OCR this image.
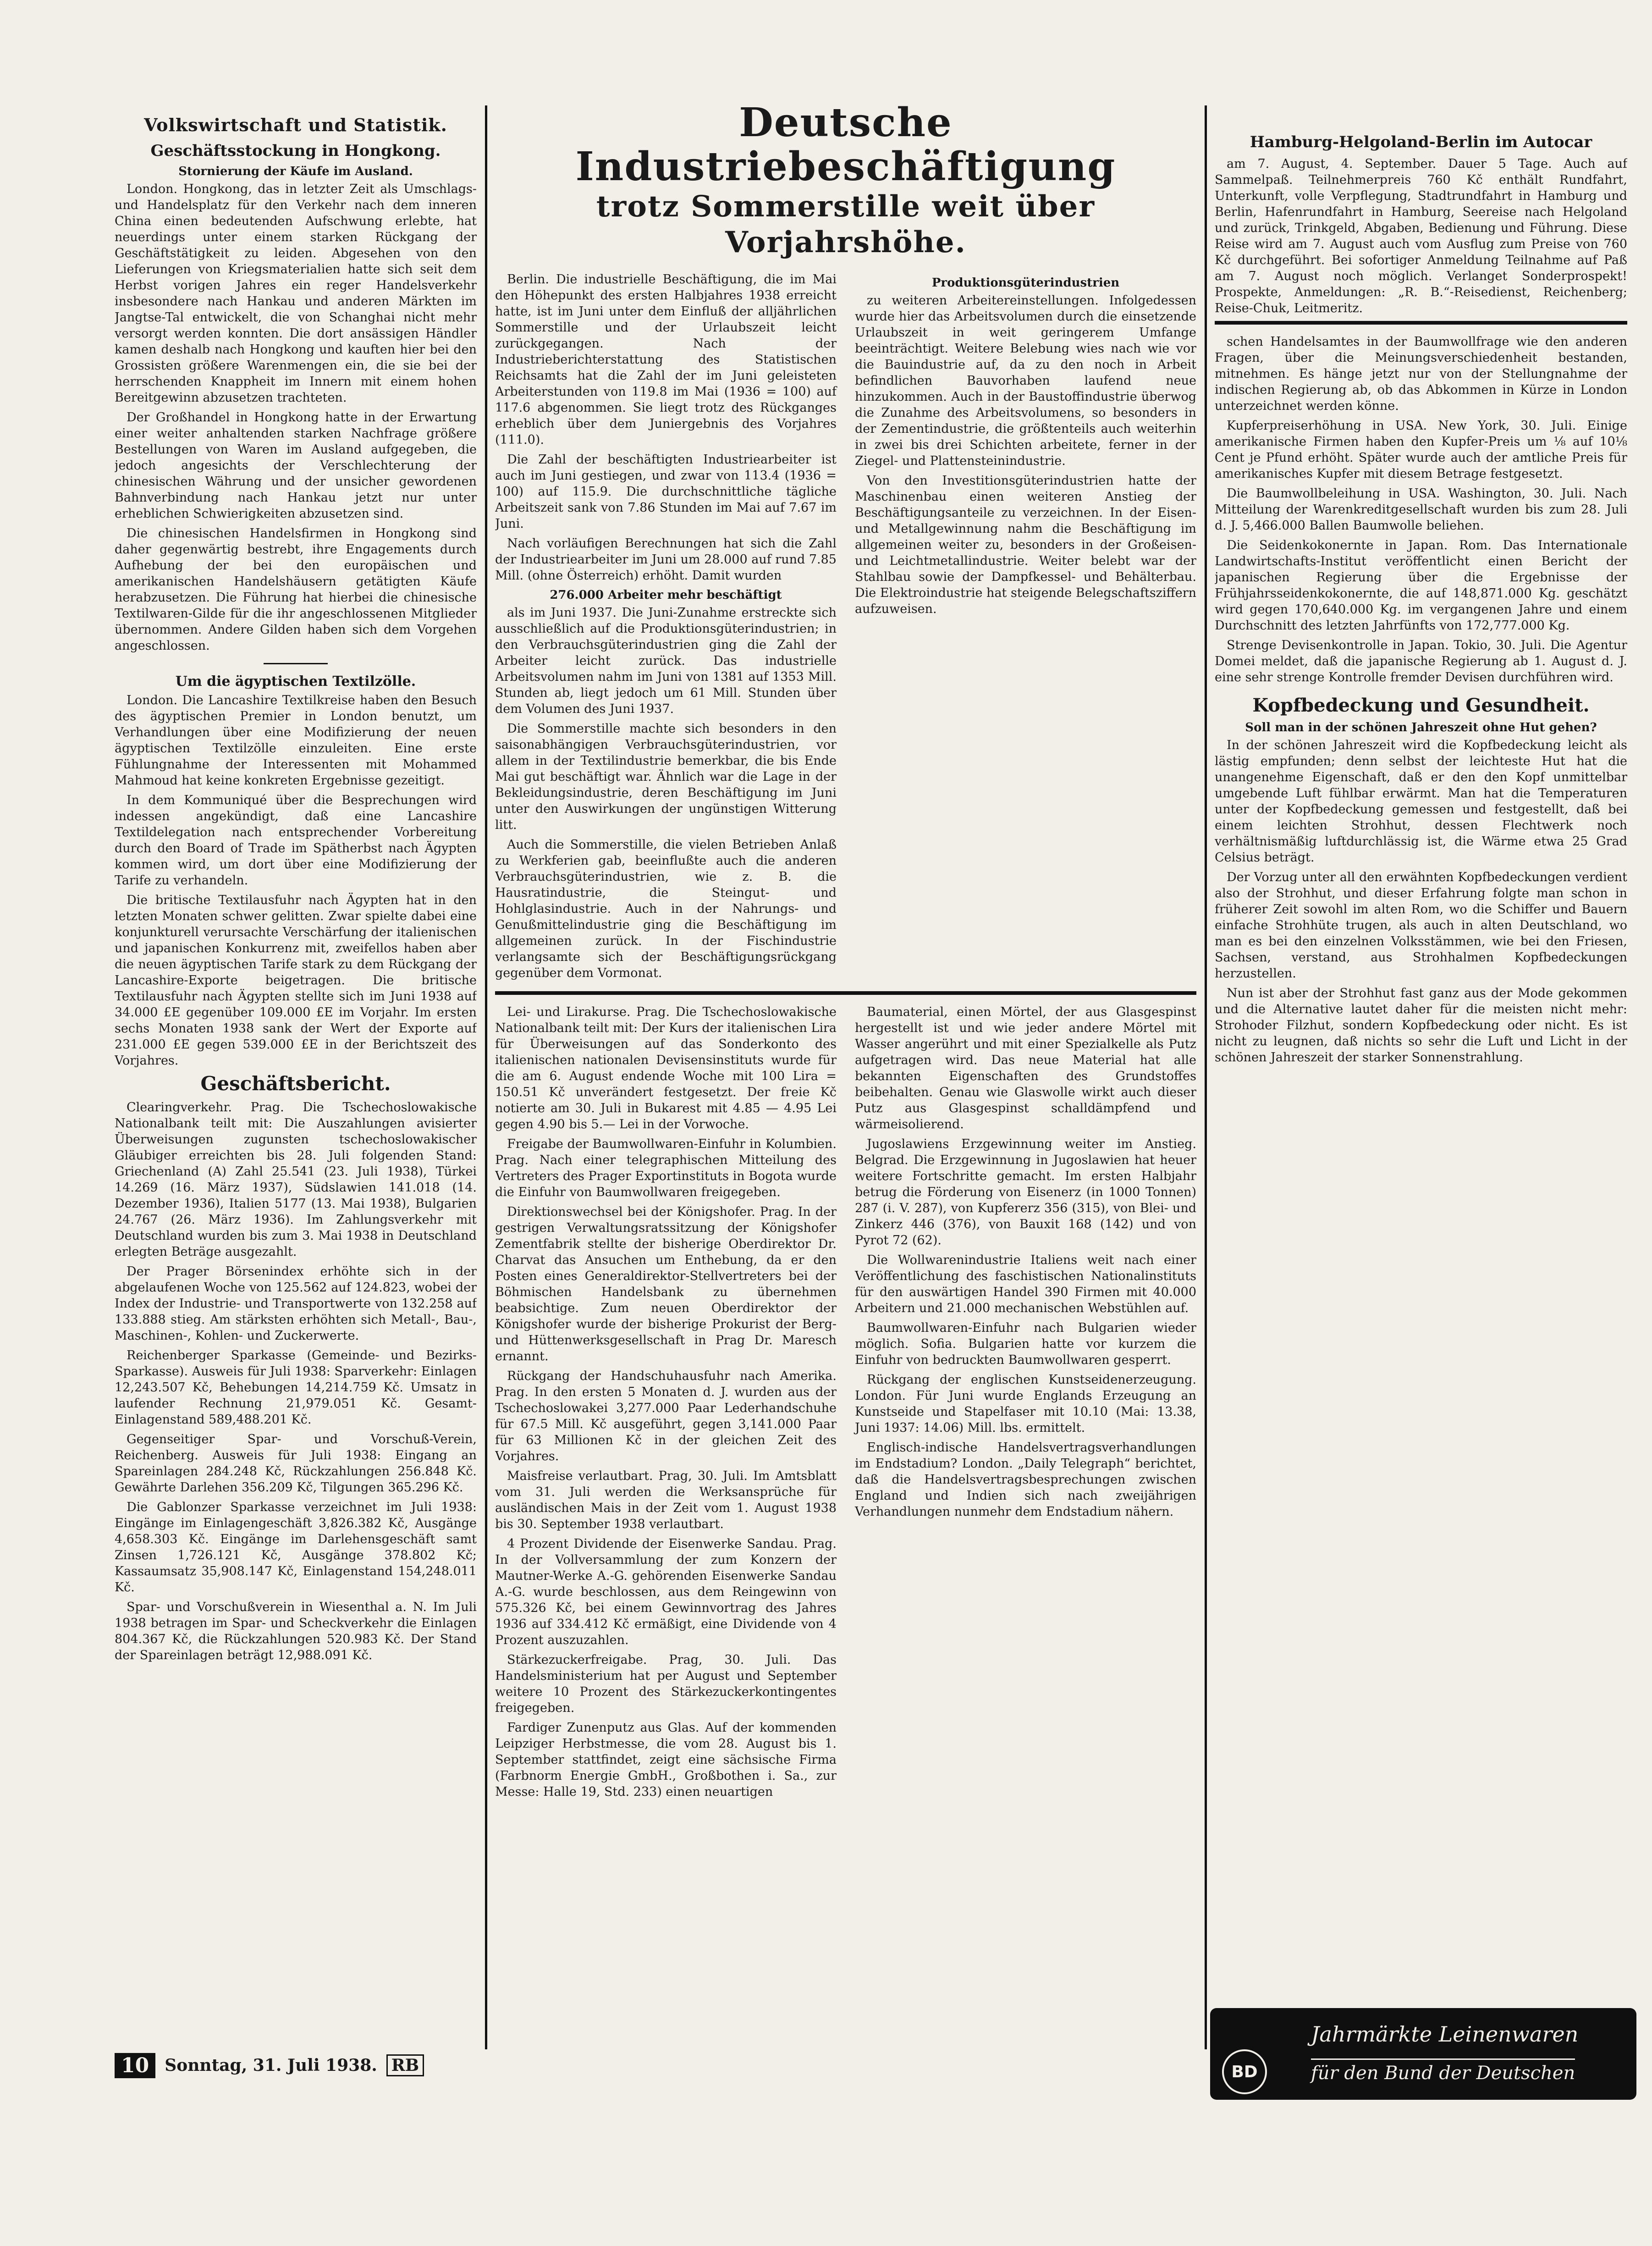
Volkswirtschaft und Statistik.
Geschäftsstockung in Hongkong.
Stornierung der Käufe im Ausland.

London. Hongkong, das in letzter Zeit als Umschlags- und Handelsplatz für den Verkehr nach dem inneren China einen bedeutenden Aufschwung erlebte, hat neuerdings unter einem starken Rückgang der Geschäftstätigkeit zu leiden. Abgesehen von den Lieferungen von Kriegsmaterialien hatte sich seit dem Herbst vorigen Jahres ein reger Handelsverkehr insbesondere nach Hankau und anderen Märkten im Jangtse-Tal entwickelt, die von Schanghai nicht mehr versorgt werden konnten. Die dort ansässigen Händler kamen deshalb nach Hongkong und kauften hier bei den Grossisten größere Warenmengen ein, die sie bei der herrschenden Knappheit im Innern mit einem hohen Bereitgewinn abzusetzen trachteten.

Der Großhandel in Hongkong hatte in der Erwartung einer weiter anhaltenden starken Nachfrage größere Bestellungen von Waren im Ausland aufgegeben, die jedoch angesichts der Verschlechterung der chinesischen Währung und der unsicher gewordenen Bahnverbindung nach Hankau jetzt nur unter erheblichen Schwierigkeiten abzusetzen sind.

Die chinesischen Handelsfirmen in Hongkong sind daher gegenwärtig bestrebt, ihre Engagements durch Aufhebung der bei den europäischen und amerikanischen Handelshäusern getätigten Käufe herabzusetzen. Die Führung hat hierbei die chinesische Textilwaren-Gilde für die ihr angeschlossenen Mitglieder übernommen. Andere Gilden haben sich dem Vorgehen angeschlossen.

Um die ägyptischen Textilzölle.

London. Die Lancashire Textilkreise haben den Besuch des ägyptischen Premier in London benutzt, um Verhandlungen über eine Modifizierung der neuen ägyptischen Textilzölle einzuleiten. Eine erste Fühlungnahme der Interessenten mit Mohammed Mahmoud hat keine konkreten Ergebnisse gezeitigt.

In dem Kommuniqué über die Besprechungen wird indessen angekündigt, daß eine Lancashire Textildelegation nach entsprechender Vorbereitung durch den Board of Trade im Spätherbst nach Ägypten kommen wird, um dort über eine Modifizierung der Tarife zu verhandeln.

Die britische Textilausfuhr nach Ägypten hat in den letzten Monaten schwer gelitten. Zwar spielte dabei eine konjunkturell verursachte Verschärfung der italienischen und japanischen Konkurrenz mit, zweifellos haben aber die neuen ägyptischen Tarife stark zu dem Rückgang der Lancashire-Exporte beigetragen. Die britische Textilausfuhr nach Ägypten stellte sich im Juni 1938 auf 34.000 £E gegenüber 109.000 £E im Vorjahr. Im ersten sechs Monaten 1938 sank der Wert der Exporte auf 231.000 £E gegen 539.000 £E in der Berichtszeit des Vorjahres.

Geschäftsbericht.

Clearingverkehr. Prag. Die Tschechoslowakische Nationalbank teilt mit: Die Auszahlungen avisierter Überweisungen zugunsten tschechoslowakischer Gläubiger erreichten bis 28. Juli folgenden Stand: Griechenland (A) Zahl 25.541 (23. Juli 1938), Türkei 14.269 (16. März 1937), Südslawien 141.018 (14. Dezember 1936), Italien 5177 (13. Mai 1938), Bulgarien 24.767 (26. März 1936). Im Zahlungsverkehr mit Deutschland wurden bis zum 3. Mai 1938 in Deutschland erlegten Beträge ausgezahlt.

Der Prager Börsenindex erhöhte sich in der abgelaufenen Woche von 125.562 auf 124.823, wobei der Index der Industrie- und Transportwerte von 132.258 auf 133.888 stieg. Am stärksten erhöhten sich Metall-, Bau-, Maschinen-, Kohlen- und Zuckerwerte.

Reichenberger Sparkasse (Gemeinde- und Bezirks-Sparkasse). Ausweis für Juli 1938: Sparverkehr: Einlagen 12,243.507 Kč, Behebungen 14,214.759 Kč. Umsatz in laufender Rechnung 21,979.051 Kč. Gesamt-Einlagenstand 589,488.201 Kč.

Gegenseitiger Spar- und Vorschuß-Verein, Reichenberg. Ausweis für Juli 1938: Eingang an Spareinlagen 284.248 Kč, Rückzahlungen 256.848 Kč. Gewährte Darlehen 356.209 Kč, Tilgungen 365.296 Kč.

Die Gablonzer Sparkasse verzeichnet im Juli 1938: Eingänge im Einlagengeschäft 3,826.382 Kč, Ausgänge 4,658.303 Kč. Eingänge im Darlehensgeschäft samt Zinsen 1,726.121 Kč, Ausgänge 378.802 Kč; Kassaumsatz 35,908.147 Kč, Einlagenstand 154,248.011 Kč.

Spar- und Vorschußverein in Wiesenthal a. N. Im Juli 1938 betragen im Spar- und Scheckverkehr die Einlagen 804.367 Kč, die Rückzahlungen 520.983 Kč. Der Stand der Spareinlagen beträgt 12,988.091 Kč.

Deutsche Industriebeschäftigung
trotz Sommerstille weit über Vorjahrshöhe.

Berlin. Die industrielle Beschäftigung, die im Mai den Höhepunkt des ersten Halbjahres 1938 erreicht hatte, ist im Juni unter dem Einfluß der alljährlichen Sommerstille und der Urlaubszeit leicht zurückgegangen. Nach der Industrieberichterstattung des Statistischen Reichsamts hat die Zahl der im Juni geleisteten Arbeiterstunden von 119.8 im Mai (1936 = 100) auf 117.6 abgenommen. Sie liegt trotz des Rückganges erheblich über dem Juniergebnis des Vorjahres (111.0).

Die Zahl der beschäftigten Industriearbeiter ist auch im Juni gestiegen, und zwar von 113.4 (1936 = 100) auf 115.9. Die durchschnittliche tägliche Arbeitszeit sank von 7.86 Stunden im Mai auf 7.67 im Juni.

Nach vorläufigen Berechnungen hat sich die Zahl der Industriearbeiter im Juni um 28.000 auf rund 7.85 Mill. (ohne Österreich) erhöht. Damit wurden

276.000 Arbeiter mehr beschäftigt

als im Juni 1937. Die Juni-Zunahme erstreckte sich ausschließlich auf die Produktionsgüterindustrien; in den Verbrauchsgüterindustrien ging die Zahl der Arbeiter leicht zurück. Das industrielle Arbeitsvolumen nahm im Juni von 1381 auf 1353 Mill. Stunden ab, liegt jedoch um 61 Mill. Stunden über dem Volumen des Juni 1937.

Die Sommerstille machte sich besonders in den saisonabhängigen Verbrauchsgüterindustrien, vor allem in der Textilindustrie bemerkbar, die bis Ende Mai gut beschäftigt war. Ähnlich war die Lage in der Bekleidungsindustrie, deren Beschäftigung im Juni unter den Auswirkungen der ungünstigen Witterung litt.

Auch die Sommerstille, die vielen Betrieben Anlaß zu Werkferien gab, beeinflußte auch die anderen Verbrauchsgüterindustrien, wie z. B. die Hausratindustrie, die Steingut- und Hohlglasindustrie. Auch in der Nahrungs- und Genußmittelindustrie ging die Beschäftigung im allgemeinen zurück. In der Fischindustrie verlangsamte sich der Beschäftigungsrückgang gegenüber dem Vormonat.

Produktionsgüterindustrien

zu weiteren Arbeitereinstellungen. Infolgedessen wurde hier das Arbeitsvolumen durch die einsetzende Urlaubszeit in weit geringerem Umfange beeinträchtigt. Weitere Belebung wies nach wie vor die Bauindustrie auf, da zu den noch in Arbeit befindlichen Bauvorhaben laufend neue hinzukommen. Auch in der Baustoffindustrie überwog die Zunahme des Arbeitsvolumens, so besonders in der Zementindustrie, die größtenteils auch weiterhin in zwei bis drei Schichten arbeitete, ferner in der Ziegel- und Plattensteinindustrie.

Von den Investitionsgüterindustrien hatte der Maschinenbau einen weiteren Anstieg der Beschäftigungsanteile zu verzeichnen. In der Eisen- und Metallgewinnung nahm die Beschäftigung im allgemeinen weiter zu, besonders in der Großeisen- und Leichtmetallindustrie. Weiter belebt war der Stahlbau sowie der Dampfkessel- und Behälterbau. Die Elektroindustrie hat steigende Belegschaftsziffern aufzuweisen.

Lei- und Lirakurse. Prag. Die Tschechoslowakische Nationalbank teilt mit: Der Kurs der italienischen Lira für Überweisungen auf das Sonderkonto des italienischen nationalen Devisensinstituts wurde für die am 6. August endende Woche mit 100 Lira = 150.51 Kč unverändert festgesetzt. Der freie Kč notierte am 30. Juli in Bukarest mit 4.85 — 4.95 Lei gegen 4.90 bis 5.— Lei in der Vorwoche.

Freigabe der Baumwollwaren-Einfuhr in Kolumbien. Prag. Nach einer telegraphischen Mitteilung des Vertreters des Prager Exportinstituts in Bogota wurde die Einfuhr von Baumwollwaren freigegeben.

Direktionswechsel bei der Königshofer. Prag. In der gestrigen Verwaltungsratssitzung der Königshofer Zementfabrik stellte der bisherige Oberdirektor Dr. Charvat das Ansuchen um Enthebung, da er den Posten eines Generaldirektor-Stellvertreters bei der Böhmischen Handelsbank zu übernehmen beabsichtige. Zum neuen Oberdirektor der Königshofer wurde der bisherige Prokurist der Berg- und Hüttenwerksgesellschaft in Prag Dr. Maresch ernannt.

Rückgang der Handschuhausfuhr nach Amerika. Prag. In den ersten 5 Monaten d. J. wurden aus der Tschechoslowakei 3,277.000 Paar Lederhandschuhe für 67.5 Mill. Kč ausgeführt, gegen 3,141.000 Paar für 63 Millionen Kč in der gleichen Zeit des Vorjahres.

Maisfreise verlautbart. Prag, 30. Juli. Im Amtsblatt vom 31. Juli werden die Werksansprüche für ausländischen Mais in der Zeit vom 1. August 1938 bis 30. September 1938 verlautbart.

4 Prozent Dividende der Eisenwerke Sandau. Prag. In der Vollversammlung der zum Konzern der Mautner-Werke A.-G. gehörenden Eisenwerke Sandau A.-G. wurde beschlossen, aus dem Reingewinn von 575.326 Kč, bei einem Gewinnvortrag des Jahres 1936 auf 334.412 Kč ermäßigt, eine Dividende von 4 Prozent auszuzahlen.

Stärkezuckerfreigabe. Prag, 30. Juli. Das Handelsministerium hat per August und September weitere 10 Prozent des Stärkezuckerkontingentes freigegeben.

Fardiger Zunenputz aus Glas. Auf der kommenden Leipziger Herbstmesse, die vom 28. August bis 1. September stattfindet, zeigt eine sächsische Firma (Farbnorm Energie GmbH., Großbothen i. Sa., zur Messe: Halle 19, Std. 233) einen neuartigen

Baumaterial, einen Mörtel, der aus Glasgespinst hergestellt ist und wie jeder andere Mörtel mit Wasser angerührt und mit einer Spezialkelle als Putz aufgetragen wird. Das neue Material hat alle bekannten Eigenschaften des Grundstoffes beibehalten. Genau wie Glaswolle wirkt auch dieser Putz aus Glasgespinst schalldämpfend und wärmeisolierend.

Jugoslawiens Erzgewinnung weiter im Anstieg. Belgrad. Die Erzgewinnung in Jugoslawien hat heuer weitere Fortschritte gemacht. Im ersten Halbjahr betrug die Förderung von Eisenerz (in 1000 Tonnen) 287 (i. V. 287), von Kupfererz 356 (315), von Blei- und Zinkerz 446 (376), von Bauxit 168 (142) und von Pyrot 72 (62).

Die Wollwarenindustrie Italiens weit nach einer Veröffentlichung des faschistischen Nationalinstituts für den auswärtigen Handel 390 Firmen mit 40.000 Arbeitern und 21.000 mechanischen Webstühlen auf.

Baumwollwaren-Einfuhr nach Bulgarien wieder möglich. Sofia. Bulgarien hatte vor kurzem die Einfuhr von bedruckten Baumwollwaren gesperrt.

Rückgang der englischen Kunstseidenerzeugung. London. Für Juni wurde Englands Erzeugung an Kunstseide und Stapelfaser mit 10.10 (Mai: 13.38, Juni 1937: 14.06) Mill. lbs. ermittelt.

Englisch-indische Handelsvertragsverhandlungen im Endstadium? London. „Daily Telegraph“ berichtet, daß die Handelsvertragsbesprechungen zwischen England und Indien sich nach zweijährigen Verhandlungen nunmehr dem Endstadium nähern.

Hamburg-Helgoland-Berlin im Autocar

am 7. August, 4. September. Dauer 5 Tage. Auch auf Sammelpaß. Teilnehmerpreis 760 Kč enthält Rundfahrt, Unterkunft, volle Verpflegung, Stadtrundfahrt in Hamburg und Berlin, Hafenrundfahrt in Hamburg, Seereise nach Helgoland und zurück, Trinkgeld, Abgaben, Bedienung und Führung. Diese Reise wird am 7. August auch vom Ausflug zum Preise von 760 Kč durchgeführt. Bei sofortiger Anmeldung Teilnahme auf Paß am 7. August noch möglich. Verlanget Sonderprospekt! Prospekte, Anmeldungen: „R. B.“-Reisedienst, Reichenberg; Reise-Chuk, Leitmeritz.

schen Handelsamtes in der Baumwollfrage wie den anderen Fragen, über die Meinungsverschiedenheit bestanden, mitnehmen. Es hänge jetzt nur von der Stellungnahme der indischen Regierung ab, ob das Abkommen in Kürze in London unterzeichnet werden könne.

Kupferpreiserhöhung in USA. New York, 30. Juli. Einige amerikanische Firmen haben den Kupfer-Preis um ⅛ auf 10⅛ Cent je Pfund erhöht. Später wurde auch der amtliche Preis für amerikanisches Kupfer mit diesem Betrage festgesetzt.

Die Baumwollbeleihung in USA. Washington, 30. Juli. Nach Mitteilung der Warenkreditgesellschaft wurden bis zum 28. Juli d. J. 5,466.000 Ballen Baumwolle beliehen.

Die Seidenkokonernte in Japan. Rom. Das Internationale Landwirtschafts-Institut veröffentlicht einen Bericht der japanischen Regierung über die Ergebnisse der Frühjahrsseidenkokonernte, die auf 148,871.000 Kg. geschätzt wird gegen 170,640.000 Kg. im vergangenen Jahre und einem Durchschnitt des letzten Jahrfünfts von 172,777.000 Kg.

Strenge Devisenkontrolle in Japan. Tokio, 30. Juli. Die Agentur Domei meldet, daß die japanische Regierung ab 1. August d. J. eine sehr strenge Kontrolle fremder Devisen durchführen wird.

Kopfbedeckung und Gesundheit.
Soll man in der schönen Jahreszeit ohne Hut gehen?

In der schönen Jahreszeit wird die Kopfbedeckung leicht als lästig empfunden; denn selbst der leichteste Hut hat die unangenehme Eigenschaft, daß er den den Kopf unmittelbar umgebende Luft fühlbar erwärmt. Man hat die Temperaturen unter der Kopfbedeckung gemessen und festgestellt, daß bei einem leichten Strohhut, dessen Flechtwerk noch verhältnismäßig luftdurchlässig ist, die Wärme etwa 25 Grad Celsius beträgt.

Der Vorzug unter all den erwähnten Kopfbedeckungen verdient also der Strohhut, und dieser Erfahrung folgte man schon in früherer Zeit sowohl im alten Rom, wo die Schiffer und Bauern einfache Strohhüte trugen, als auch in alten Deutschland, wo man es bei den einzelnen Volksstämmen, wie bei den Friesen, Sachsen, verstand, aus Strohhalmen Kopfbedeckungen herzustellen.

Nun ist aber der Strohhut fast ganz aus der Mode gekommen und die Alternative lautet daher für die meisten nicht mehr: Strohoder Filzhut, sondern Kopfbedeckung oder nicht. Es ist nicht zu leugnen, daß nichts so sehr die Luft und Licht in der schönen Jahreszeit der starker Sonnenstrahlung.

10 Sonntag, 31. Juli 1938. RB	BD
Jahrmärkte Leinenwaren
für den Bund der Deutschen
